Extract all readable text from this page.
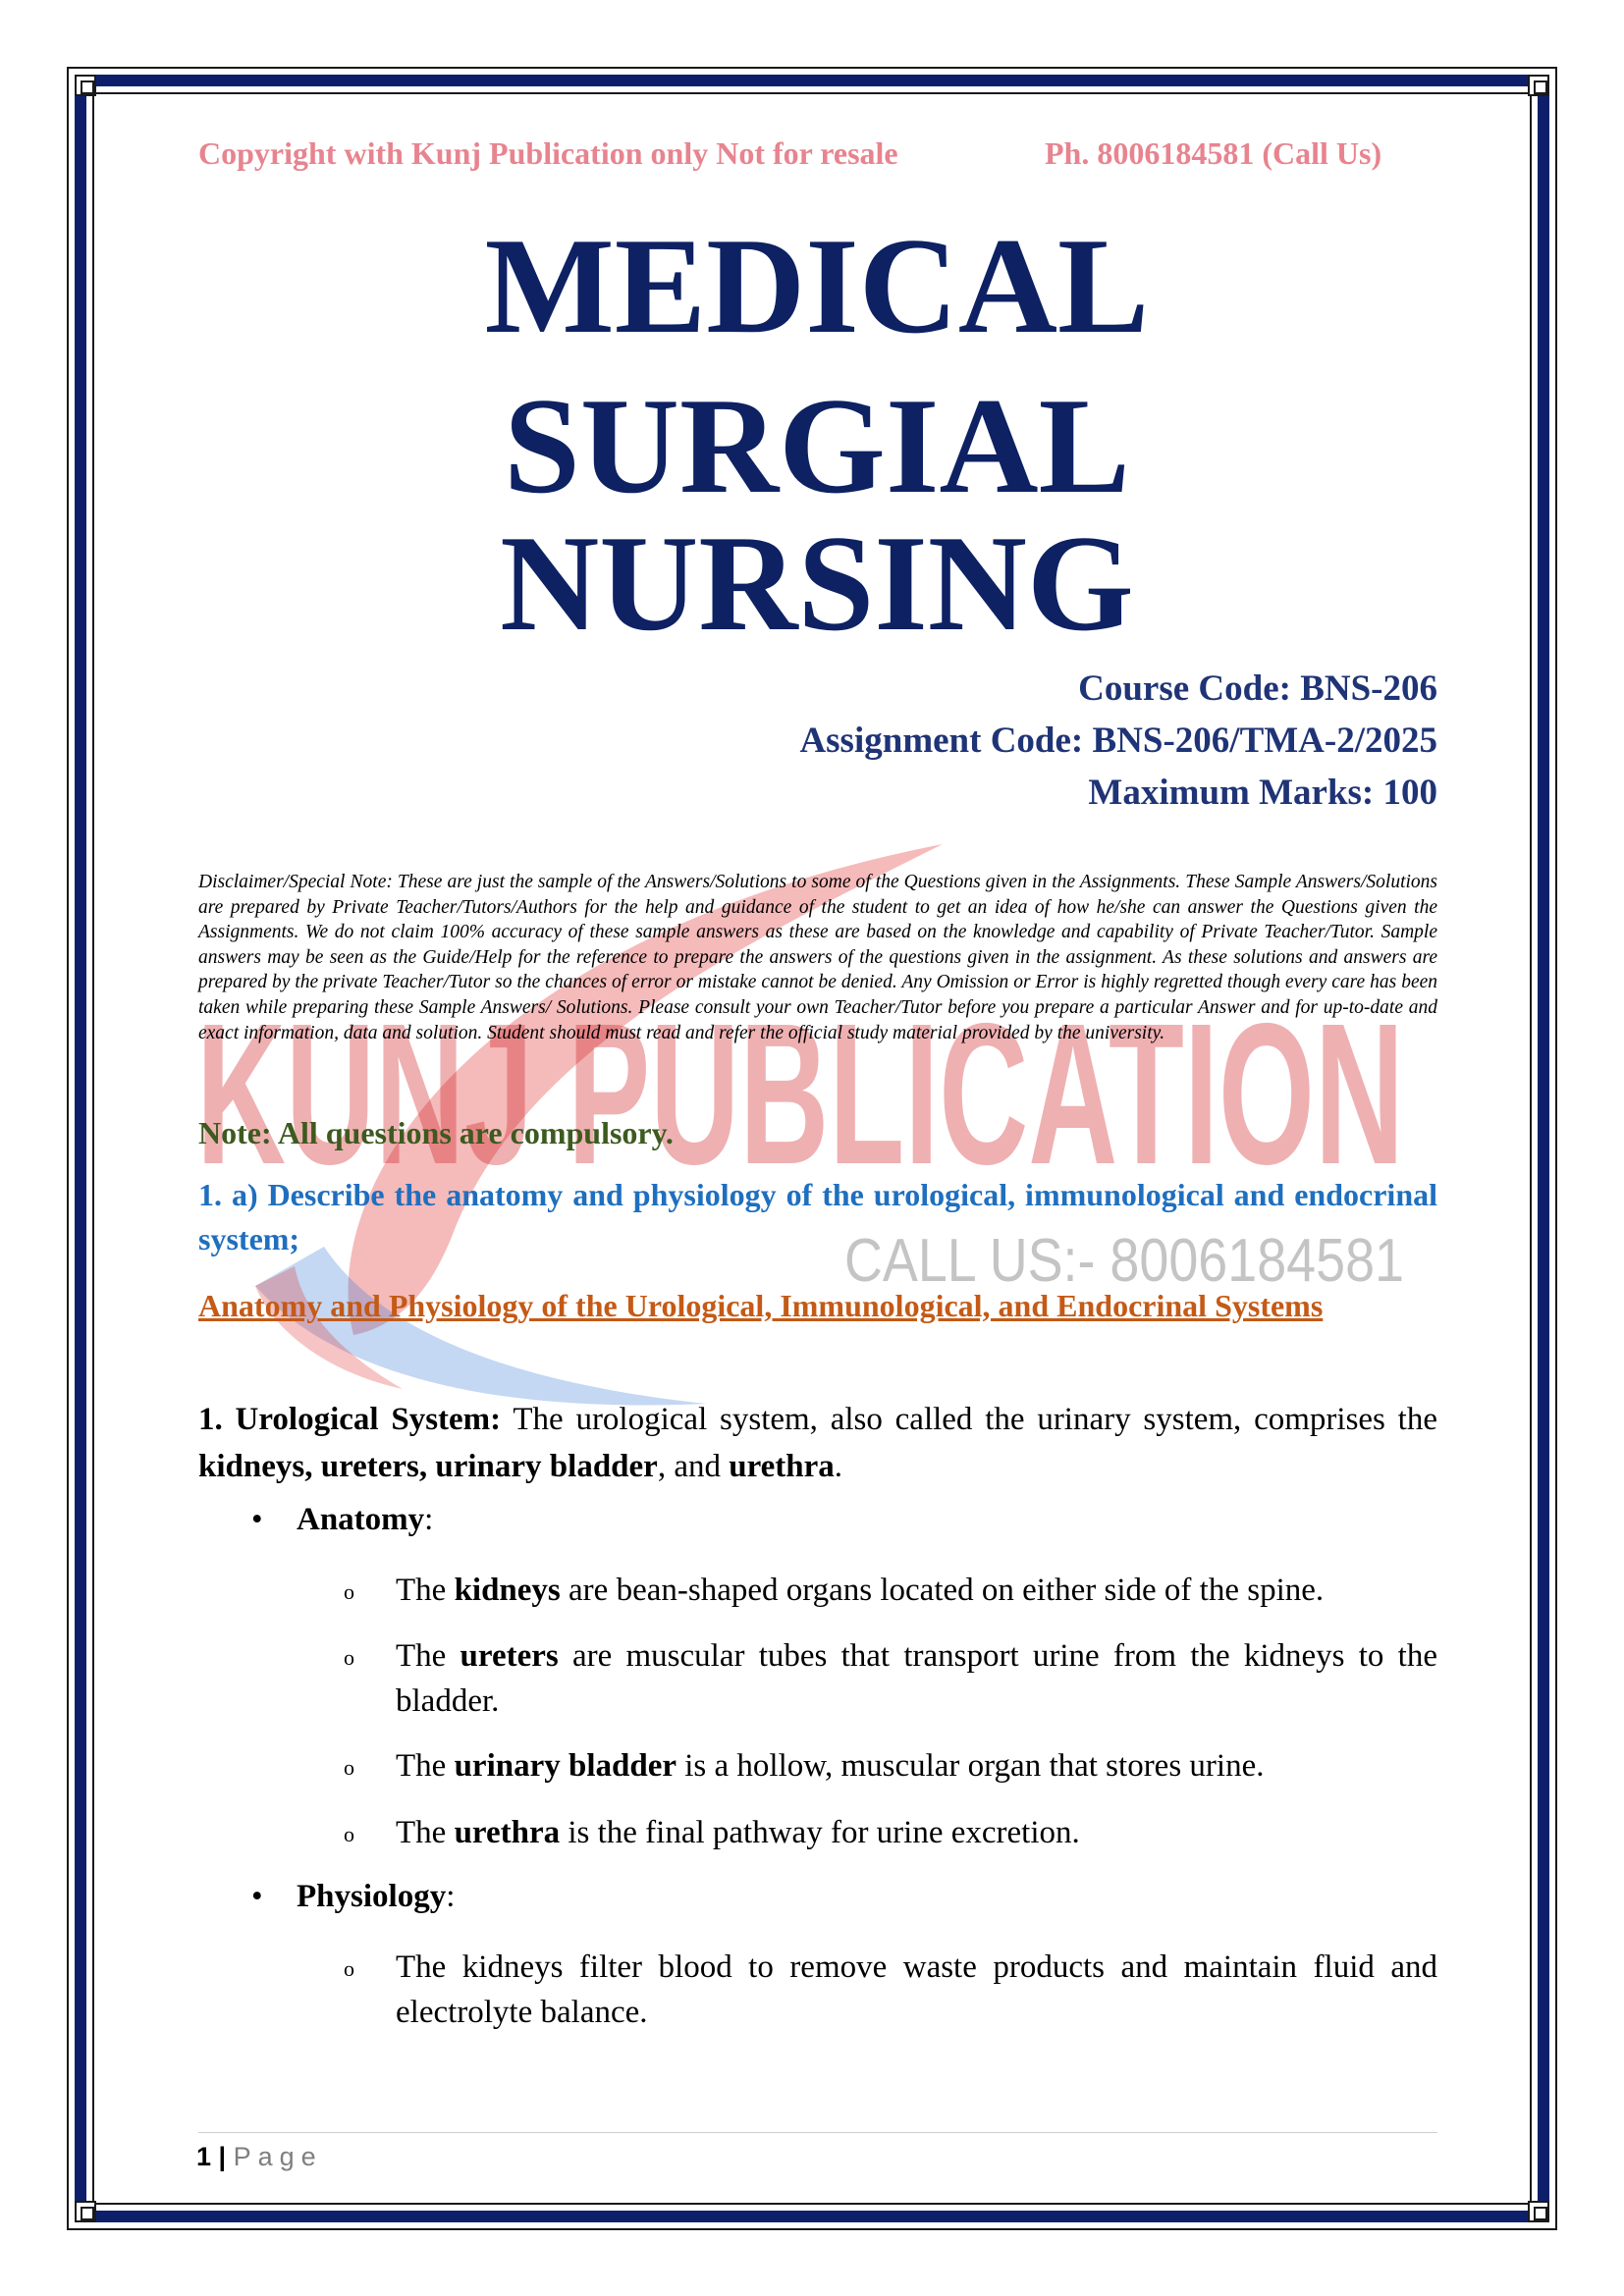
KUNJ PUBLICATION
CALL US:- 8006184581
Copyright with Kunj Publication only Not for resale	Ph. 8006184581 (Call Us)
MEDICAL
SURGIAL NURSING
Course Code: BNS-206
Assignment Code: BNS-206/TMA-2/2025
Maximum Marks: 100
Disclaimer/Special Note: These are just the sample of the Answers/Solutions to some of the Questions given in the Assignments. These Sample Answers/Solutions are prepared by Private Teacher/Tutors/Authors for the help and guidance of the student to get an idea of how he/she can answer the Questions given the Assignments. We do not claim 100% accuracy of these sample answers as these are based on the knowledge and capability of Private Teacher/Tutor. Sample answers may be seen as the Guide/Help for the reference to prepare the answers of the questions given in the assignment. As these solutions and answers are prepared by the private Teacher/Tutor so the chances of error or mistake cannot be denied. Any Omission or Error is highly regretted though every care has been taken while preparing these Sample Answers/ Solutions. Please consult your own Teacher/Tutor before you prepare a particular Answer and for up-to-date and exact information, data and solution. Student should must read and refer the official study material provided by the university.
Note: All questions are compulsory.
1. a) Describe the anatomy and physiology of the urological, immunological and endocrinal system;
Anatomy and Physiology of the Urological, Immunological, and Endocrinal Systems
1. Urological System: The urological system, also called the urinary system, comprises the kidneys, ureters, urinary bladder, and urethra.
• Anatomy:
o The kidneys are bean-shaped organs located on either side of the spine.
o The ureters are muscular tubes that transport urine from the kidneys to the bladder.
o The urinary bladder is a hollow, muscular organ that stores urine.
o The urethra is the final pathway for urine excretion.
• Physiology:
o The kidneys filter blood to remove waste products and maintain fluid and electrolyte balance.
1 | Page
